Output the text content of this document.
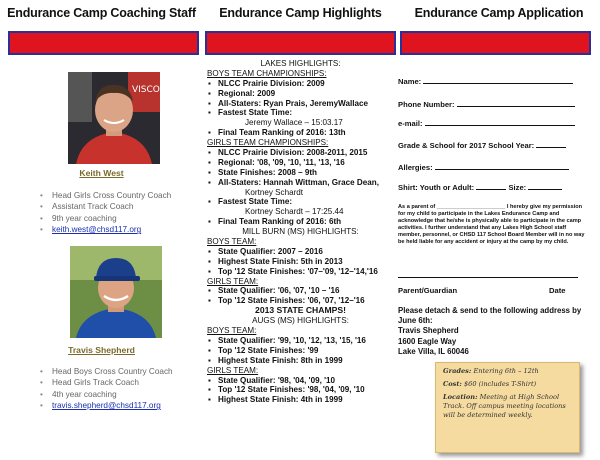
Endurance Camp Coaching Staff
VISCO
Keith West
• Head Girls Cross Country Coach
• Assistant Track Coach
• 9th year coaching
• keith.west@chsd117.org
Travis Shepherd
• Head Boys Cross Country Coach
• Head Girls Track Coach
• 4th year coaching
• travis.shepherd@chsd117.org
Endurance Camp Highlights
LAKES HIGHLIGHTS:
BOYS TEAM CHAMPIONSHIPS:
▪ NLCC Prairie Division: 2009
▪ Regional: 2009
▪ All-Staters: Ryan Prais, JeremyWallace
▪ Fastest State Time:
Jeremy Wallace – 15:03.17
▪ Final Team Ranking of 2016: 13th
GIRLS TEAM CHAMPIONSHIPS:
▪ NLCC Prairie Division: 2008-2011, 2015
▪ Regional: '08, '09, '10, '11, '13, '16
▪ State Finishes: 2008 – 9th
▪ All-Staters: Hannah Wittman, Grace Dean,
Kortney Schardt
▪ Fastest State Time:
Kortney Schardt – 17:25.44
▪ Final Team Ranking of 2016: 6th
MILL BURN (MS) HIGHLIGHTS:
BOYS TEAM:
▪ State Qualifier: 2007 – 2016
▪ Highest State Finish: 5th in 2013
▪ Top '12 State Finishes: '07–'09, '12–'14,'16
GIRLS TEAM:
▪ State Qualifier: '06, '07, '10 – '16
▪ Top '12 State Finishes: '06, '07, '12–'16
2013 STATE CHAMPS!
AUGS (MS) HIGHLIGHTS:
BOYS TEAM:
▪ State Qualifier: '99, '10, '12, '13, '15, '16
▪ Top '12 State Finishes: '99
▪ Highest State Finish: 8th in 1999
GIRLS TEAM:
▪ State Qualifier: '98, '04, '09, '10
▪ Top '12 State Finishes: '98, '04, '09, '10
▪ Highest State Finish: 4th in 1999
Endurance Camp Application
Name:
Phone Number:
e-mail:
Grade & School for 2017 School Year:
Allergies:
Shirt: Youth or Adult:	Size:
As a parent of ______________________ I hereby give my permission for my child to participate in the Lakes Endurance Camp and acknowledge that he/she is physically able to participate in the camp activities. I further understand that any Lakes High School staff member, personnel, or CHSD 117 School Board Member will in no way be held liable for any accident or injury at the camp by my child.
Parent/Guardian	Date
Please detach & send to the following address by June 6th:
Travis Shepherd
1600 Eagle Way
Lake Villa, IL 60046

Grades: Entering 6th – 12th

Cost: $60 (includes T-Shirt)

Location: Meeting at High School Track. Off campus meeting locations will be determined weekly.
